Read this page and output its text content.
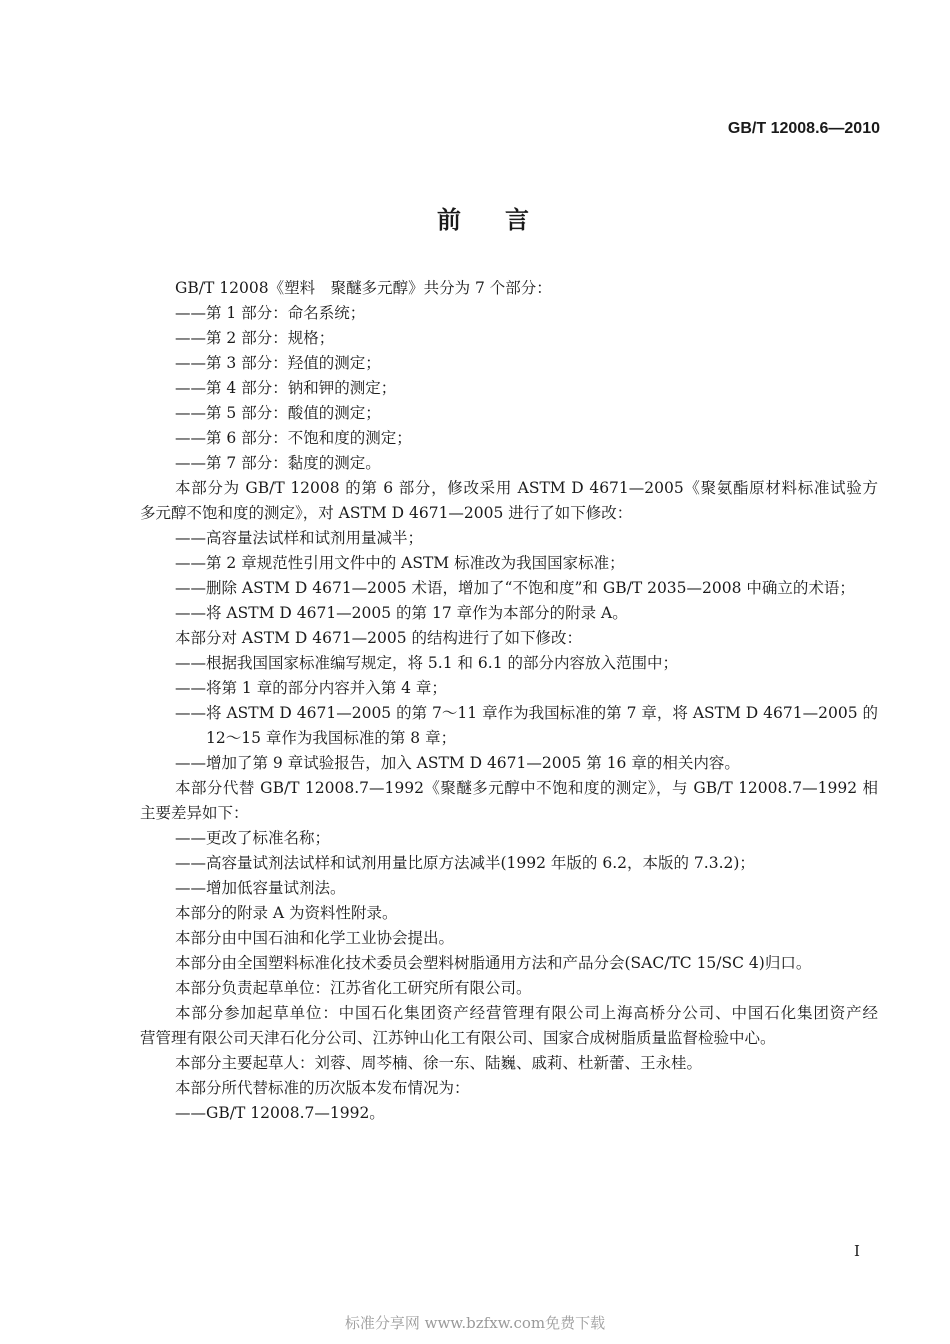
GB/T 12008.6—2010
前言
GB/T 12008《塑料　聚醚多元醇》共分为 7 个部分：
——第 1 部分：命名系统；
——第 2 部分：规格；
——第 3 部分：羟值的测定；
——第 4 部分：钠和钾的测定；
——第 5 部分：酸值的测定；
——第 6 部分：不饱和度的测定；
——第 7 部分：黏度的测定。
本部分为 GB/T 12008 的第 6 部分，修改采用 ASTM D 4671—2005《聚氨酯原材料标准试验方
多元醇不饱和度的测定》，对 ASTM D 4671—2005 进行了如下修改：
——高容量法试样和试剂用量减半；
——第 2 章规范性引用文件中的 ASTM 标准改为我国国家标准；
——删除 ASTM D 4671—2005 术语，增加了“不饱和度”和 GB/T 2035—2008 中确立的术语；
——将 ASTM D 4671—2005 的第 17 章作为本部分的附录 A。
本部分对 ASTM D 4671—2005 的结构进行了如下修改：
——根据我国国家标准编写规定，将 5.1 和 6.1 的部分内容放入范围中；
——将第 1 章的部分内容并入第 4 章；
——将 ASTM D 4671—2005 的第 7～11 章作为我国标准的第 7 章，将 ASTM D 4671—2005 的
12～15 章作为我国标准的第 8 章；
——增加了第 9 章试验报告，加入 ASTM D 4671—2005 第 16 章的相关内容。
本部分代替 GB/T 12008.7—1992《聚醚多元醇中不饱和度的测定》，与 GB/T 12008.7—1992 相
主要差异如下：
——更改了标准名称；
——高容量试剂法试样和试剂用量比原方法减半(1992 年版的 6.2，本版的 7.3.2)；
——增加低容量试剂法。
本部分的附录 A 为资料性附录。
本部分由中国石油和化学工业协会提出。
本部分由全国塑料标准化技术委员会塑料树脂通用方法和产品分会(SAC/TC 15/SC 4)归口。
本部分负责起草单位：江苏省化工研究所有限公司。
本部分参加起草单位：中国石化集团资产经营管理有限公司上海高桥分公司、中国石化集团资产经
营管理有限公司天津石化分公司、江苏钟山化工有限公司、国家合成树脂质量监督检验中心。
本部分主要起草人：刘蓉、周芩楠、徐一东、陆巍、戚莉、杜新蕾、王永桂。
本部分所代替标准的历次版本发布情况为：
——GB/T 12008.7—1992。
I
标准分享网 www.bzfxw.com免费下载
